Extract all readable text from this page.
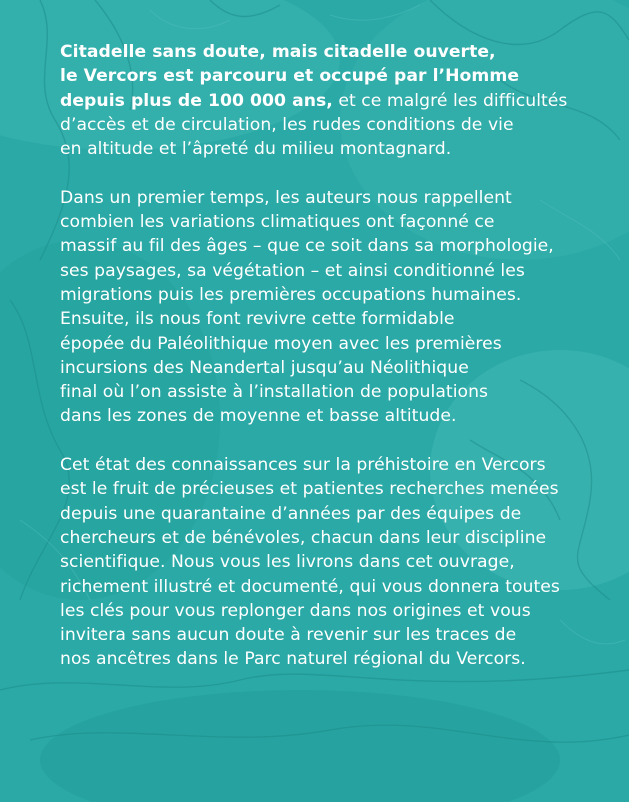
Citadelle sans doute, mais citadelle ouverte,
le Vercors est parcouru et occupé par l’Homme
depuis plus de 100 000 ans, et ce malgré les difficultés
d’accès et de circulation, les rudes conditions de vie
en altitude et l’âpreté du milieu montagnard.

Dans un premier temps, les auteurs nous rappellent
combien les variations climatiques ont façonné ce
massif au fil des âges – que ce soit dans sa morphologie,
ses paysages, sa végétation – et ainsi conditionné les
migrations puis les premières occupations humaines.
Ensuite, ils nous font revivre cette formidable
épopée du Paléolithique moyen avec les premières
incursions des Neandertal jusqu’au Néolithique
final où l’on assiste à l’installation de populations
dans les zones de moyenne et basse altitude.

Cet état des connaissances sur la préhistoire en Vercors
est le fruit de précieuses et patientes recherches menées
depuis une quarantaine d’années par des équipes de
chercheurs et de bénévoles, chacun dans leur discipline
scientifique. Nous vous les livrons dans cet ouvrage,
richement illustré et documenté, qui vous donnera toutes
les clés pour vous replonger dans nos origines et vous
invitera sans aucun doute à revenir sur les traces de
nos ancêtres dans le Parc naturel régional du Vercors.
